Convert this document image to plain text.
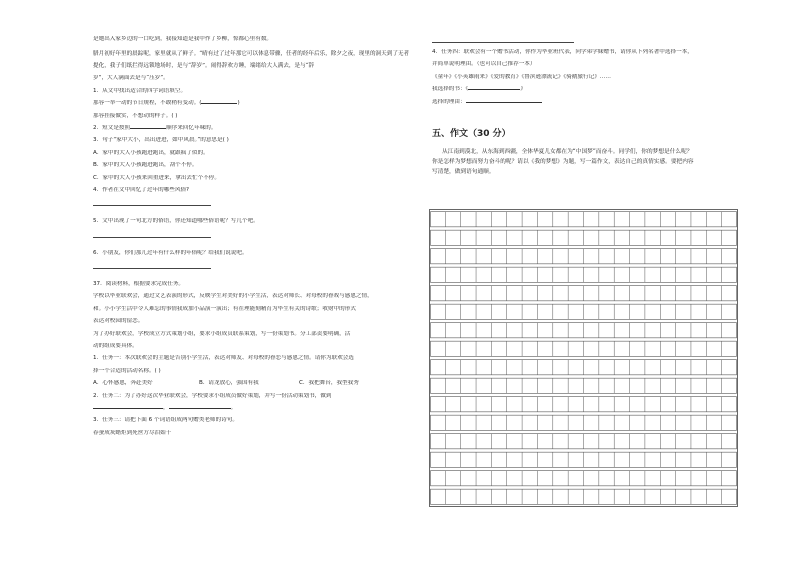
是她出入家乡边的一口吃到，我接知道是我中作了乡柳，惊都心里有数。
腊月初好年里的晨踪呢，家里就从了鲜子。“晴有过了过年那它可以体息带骤，任者的经年后乐，除夕之夜，现里的洞天到了无者提化，我子们纸拦得远锁地场时，是与“辞岁”。闹得辞欢方睡，端绪给大人满去，是与“辞
岁”，大人满面去是与“压岁”。
1．从文中找出适合的四字词语填空。
那容一举一动的节日规程，不敢稍有变动。(	)
那容挂接做实，不想动的样子。( )
2．短文是按照	顺序来回忆年味的。
3．句子“家中大小，出出进进，如中风晨。”的意思是( )
A．家中的大人小孩跑进跑出，就跟疯了似的。
B．家中的大人小孩跑进跑出，刮个不停。
C．家中的大人小孩来回重进来，拿出去忙个不停。
4．作者在文中回忆了过年的哪些风俗?
5．文中出现了一句北方的俗语，你还知道哪些俗语呢？写几个吧。
6．小朋友，你们那儿过年有什么样的年俗呢？给我们说说吧。
37．阅读材料，根据要求完成任务。
学校以毕业联欢会，通过文艺表演的形式，反映学生对美好的小学生活，表达对师长、对母校的眷戏与感恩之情，
和。小小学生活中令人难忘的事情我成加小品演一演出；有在理能刻精育为毕生有关的诗歌；收财中的形式
表达对校园的留恋。
为了办好联欢会，学校成立方式策划小组，要求小组成员联系策划，写一份策划书。分工部责要明确，活
动的组成要具体。
1．任务一：本次联欢会的主题是告别小学生活，表达对师友、对母校的眷恋与感恩之情。请你为联欢会选
择一个合适的活动名称。( )
A．心怀感恩，奔赴美好	B．请龙放心，强国有我	C．我把舞台，我型我秀
2．任务二：为了办好这次毕业联欢会，学校要求小组成员做好策划，并写一份活动策划书，做到
，	。
3．任务三：请把下面 6 个词语组成两句赠类老师的诗句。
春蚕成灰蜡炬到死丝方尽泪始干
4．任务四：联欢会有一个赠书活动，你作为毕业班代表，向学弟学妹赠书，请你从下列名著中选择一本，
并简单说明理由。（也可以自己推荐一本）
《童年》《小英雄雨来》《爱的教育》《鲁滨逊漂流记》《骑鹅旅行记》……
我选择的书：《	》
选择的理由：
五、作文（30 分）
从江南到漠北，从东海到西疆，全体华夏儿女都在为“中国梦”而奋斗。同学们，你的梦想是什么呢？
你是怎样为梦想而努力奋斗的呢？请以《我的梦想》为题，写一篇作文，表达自己的真情实感。要把内容
写清楚，做到语句通顺。
